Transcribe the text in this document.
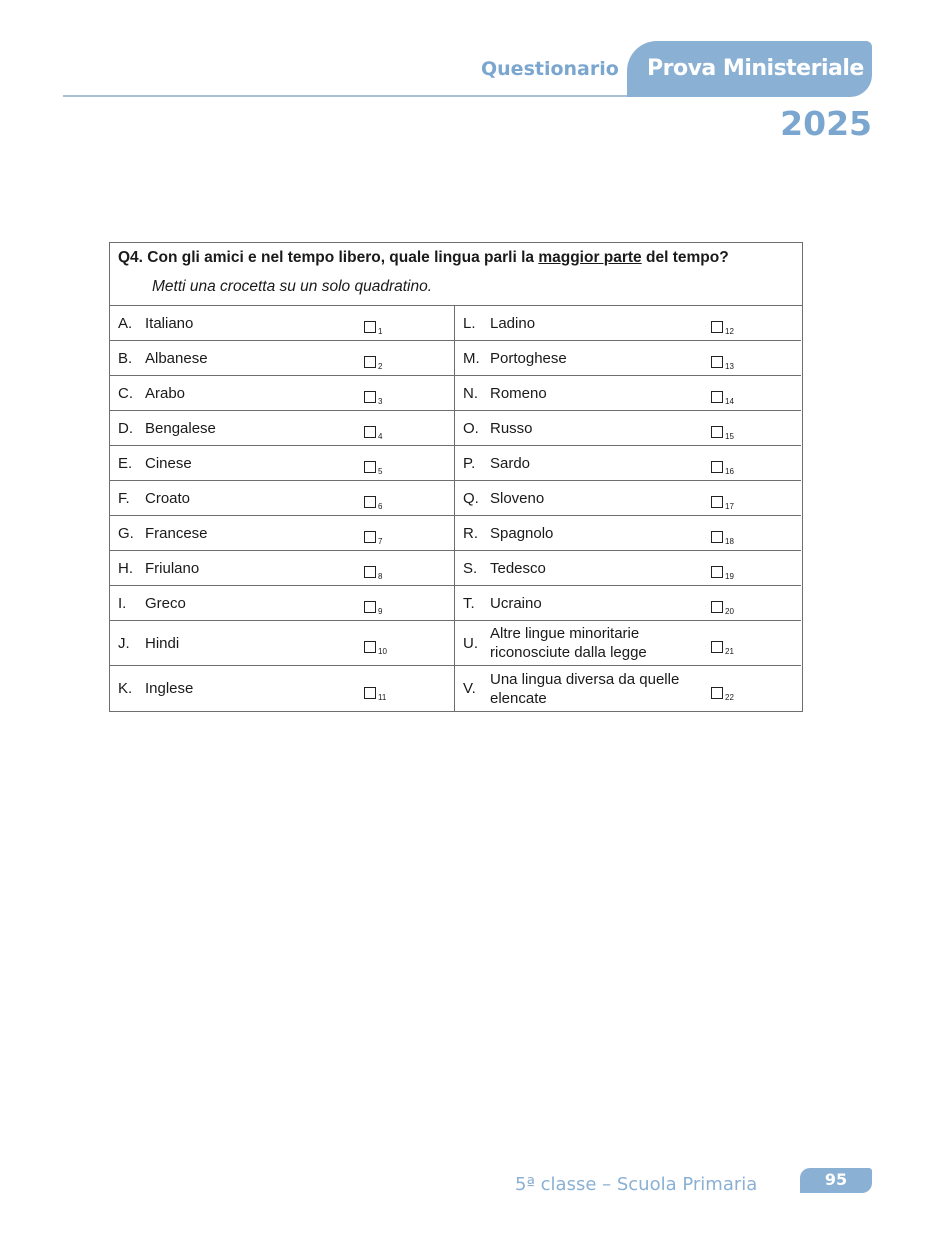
Questionario Prova Ministeriale
2025
Q4. Con gli amici e nel tempo libero, quale lingua parli la maggior parte del tempo?
Metti una crocetta su un solo quadratino.
A. Italiano	1
B. Albanese	2
C. Arabo	3
D. Bengalese	4
E. Cinese	5
F.	Croato	6
G. Francese	7
H. Friulano	8
I.	Greco	9
J.	Hindi	10
K. Inglese	11
L. Ladino	12
M. Portoghese	13
N. Romeno	14
O. Russo	15
P. Sardo	16
Q. Sloveno	17
R. Spagnolo	18
S. Tedesco	19
T.	Ucraino	20
U.
Altre lingue minoritarie riconosciute dalla legge	21
V.
Una lingua diversa da quelle elencate	22
5ª classe – Scuola Primaria	95
